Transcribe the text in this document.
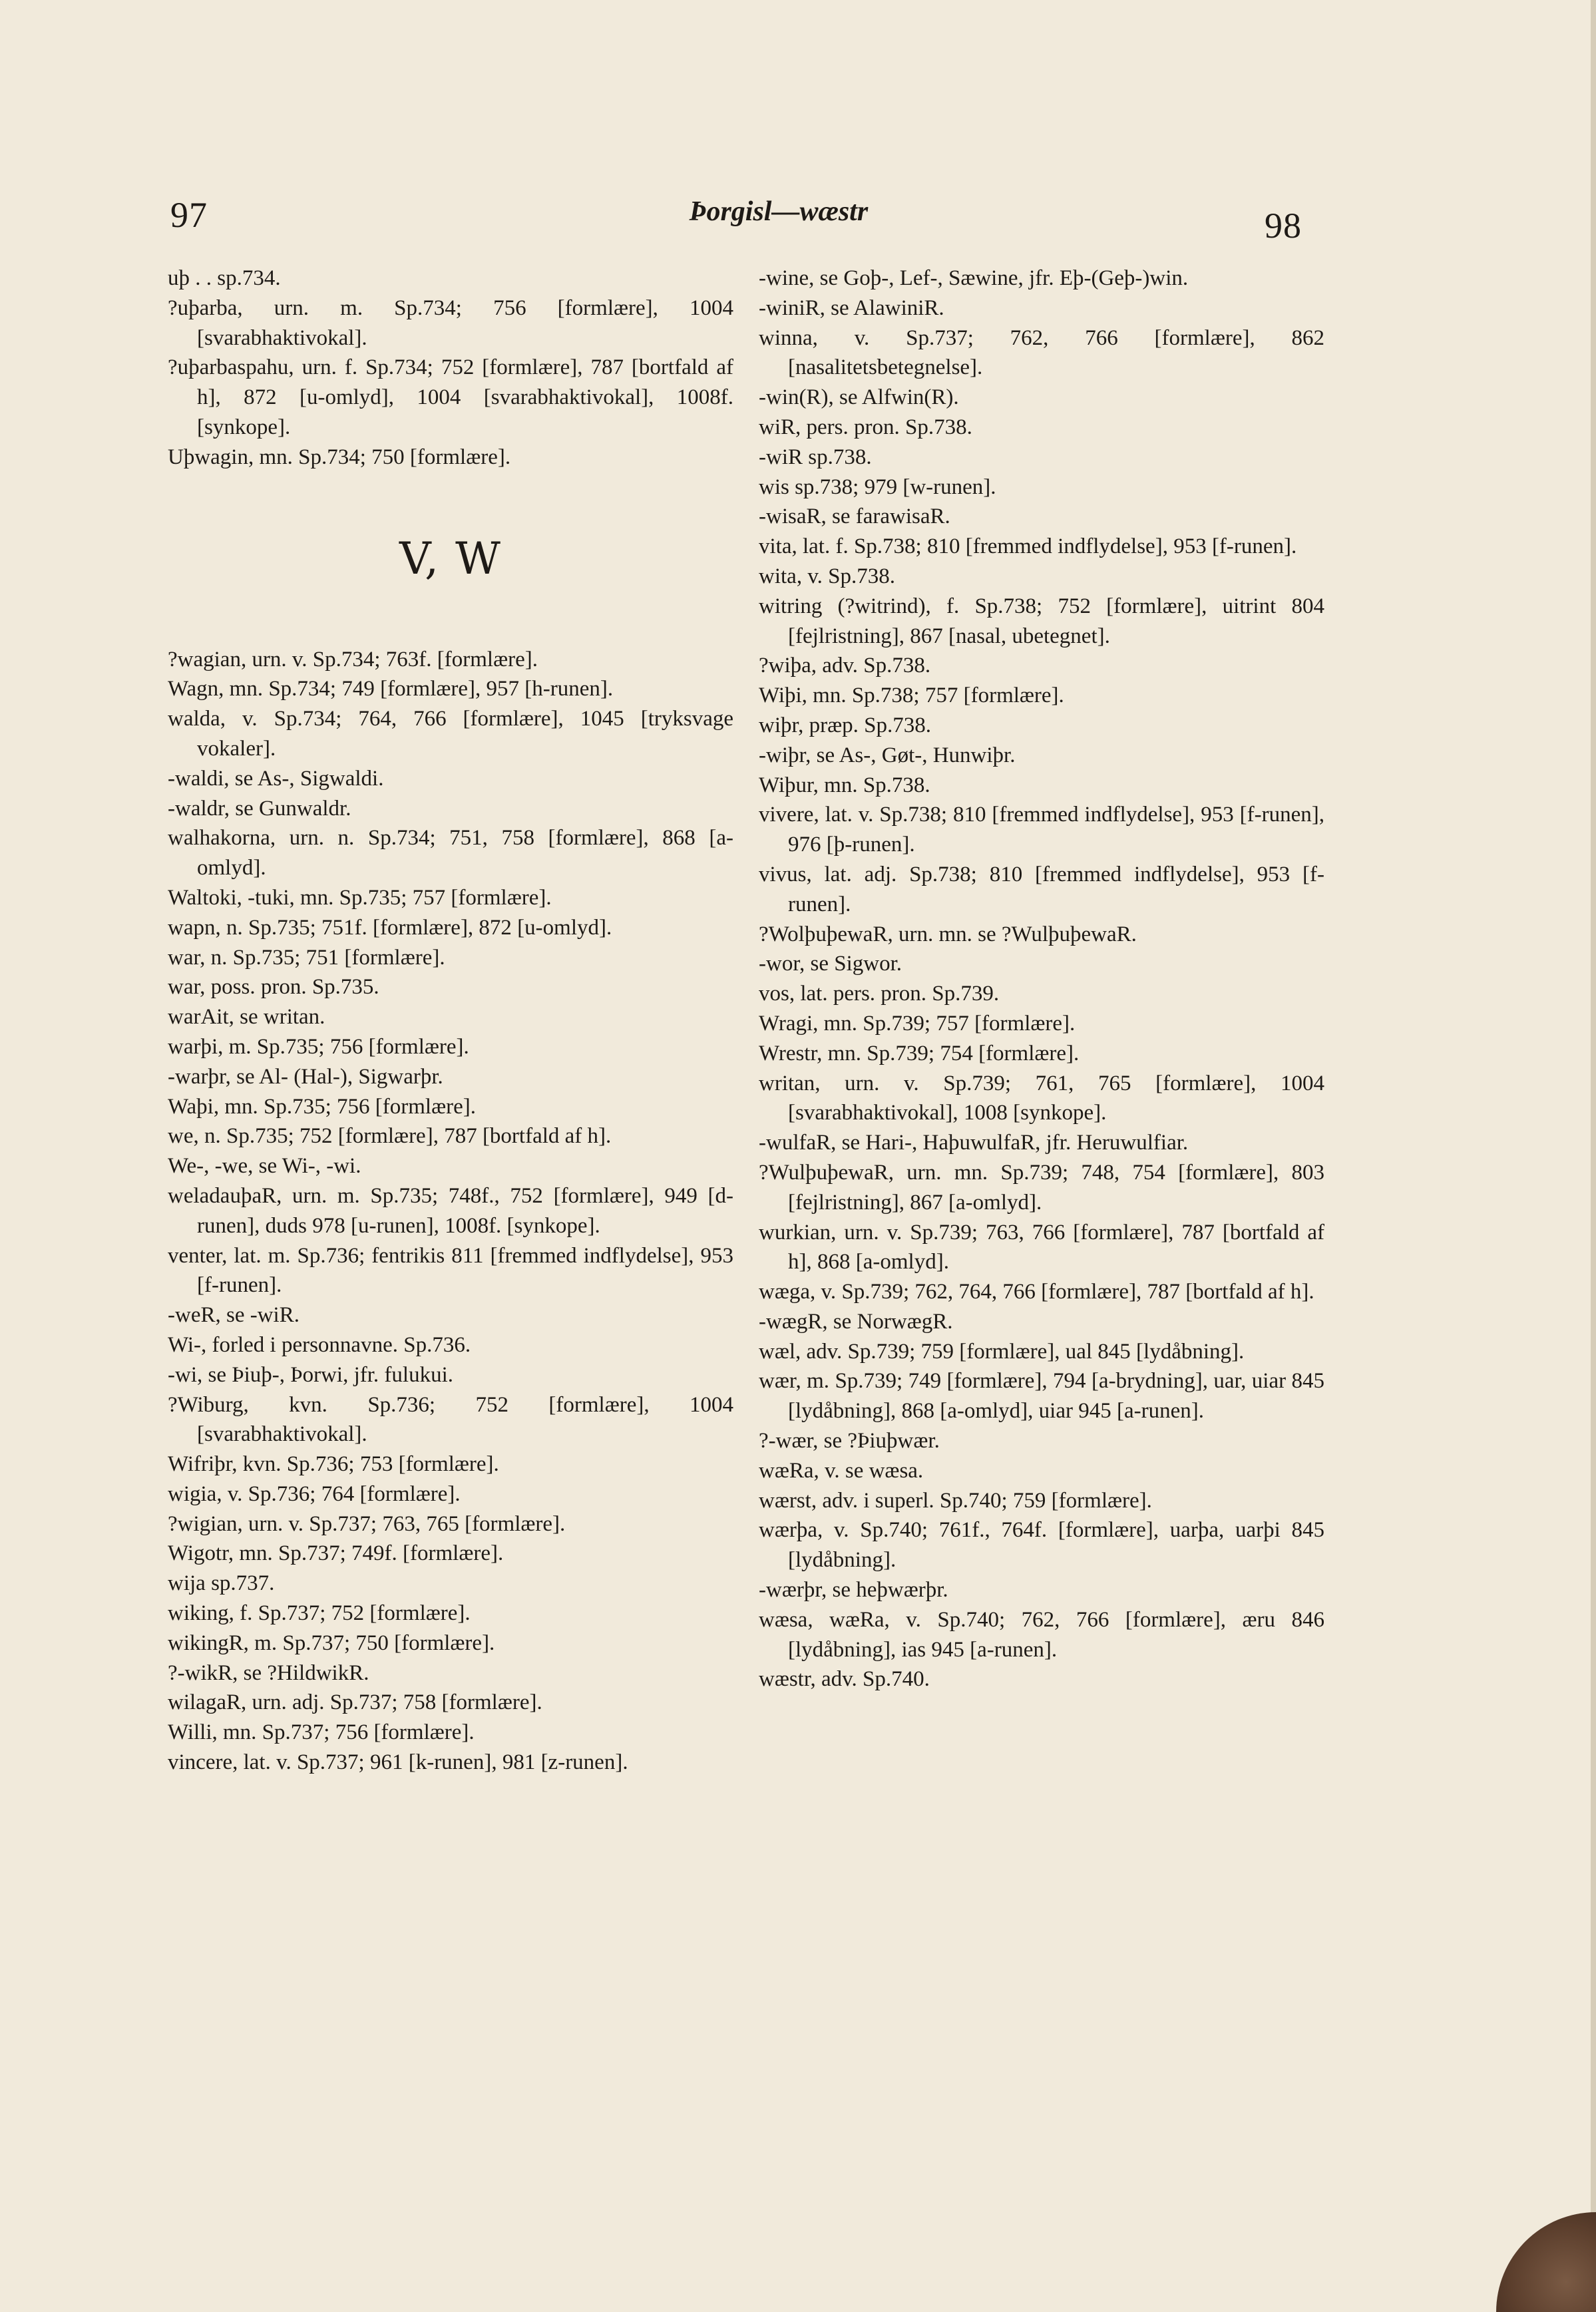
97	Þorgisl—wæstr	98
uþ . . sp.734.
?uþarba, urn. m. Sp.734; 756 [formlære], 1004 [svarabhaktivokal].
?uþarbaspahu, urn. f. Sp.734; 752 [formlære], 787 [bortfald af h], 872 [u-omlyd], 1004 [svarabhaktivokal], 1008f. [synkope].
Uþwagin, mn. Sp.734; 750 [formlære].
V, W
?wagian, urn. v. Sp.734; 763f. [formlære].
Wagn, mn. Sp.734; 749 [formlære], 957 [h-runen].
walda, v. Sp.734; 764, 766 [formlære], 1045 [tryksvage vokaler].
-waldi, se As-, Sigwaldi.
-waldr, se Gunwaldr.
walhakorna, urn. n. Sp.734; 751, 758 [formlære], 868 [a-omlyd].
Waltoki, -tuki, mn. Sp.735; 757 [formlære].
wapn, n. Sp.735; 751f. [formlære], 872 [u-omlyd].
war, n. Sp.735; 751 [formlære].
war, poss. pron. Sp.735.
warAit, se writan.
warþi, m. Sp.735; 756 [formlære].
-warþr, se Al- (Hal-), Sigwarþr.
Waþi, mn. Sp.735; 756 [formlære].
we, n. Sp.735; 752 [formlære], 787 [bortfald af h].
We-, -we, se Wi-, -wi.
weladauþaR, urn. m. Sp.735; 748f., 752 [formlære], 949 [d-runen], duds 978 [u-runen], 1008f. [synkope].
venter, lat. m. Sp.736; fentrikis 811 [fremmed indflydelse], 953 [f-runen].
-weR, se -wiR.
Wi-, forled i personnavne. Sp.736.
-wi, se Þiuþ-, Þorwi, jfr. fulukui.
?Wiburg, kvn. Sp.736; 752 [formlære], 1004 [svarabhaktivokal].
Wifriþr, kvn. Sp.736; 753 [formlære].
wigia, v. Sp.736; 764 [formlære].
?wigian, urn. v. Sp.737; 763, 765 [formlære].
Wigotr, mn. Sp.737; 749f. [formlære].
wija sp.737.
wiking, f. Sp.737; 752 [formlære].
wikingR, m. Sp.737; 750 [formlære].
?-wikR, se ?HildwikR.
wilagaR, urn. adj. Sp.737; 758 [formlære].
Willi, mn. Sp.737; 756 [formlære].
vincere, lat. v. Sp.737; 961 [k-runen], 981 [z-runen].
-wine, se Goþ-, Lef-, Sæwine, jfr. Eþ-(Geþ-)win.
-winiR, se AlawiniR.
winna, v. Sp.737; 762, 766 [formlære], 862 [nasalitetsbetegnelse].
-win(R), se Alfwin(R).
wiR, pers. pron. Sp.738.
-wiR sp.738.
wis sp.738; 979 [w-runen].
-wisaR, se farawisaR.
vita, lat. f. Sp.738; 810 [fremmed indflydelse], 953 [f-runen].
wita, v. Sp.738.
witring (?witrind), f. Sp.738; 752 [formlære], uitrint 804 [fejlristning], 867 [nasal, ubetegnet].
?wiþa, adv. Sp.738.
Wiþi, mn. Sp.738; 757 [formlære].
wiþr, præp. Sp.738.
-wiþr, se As-, Gøt-, Hunwiþr.
Wiþur, mn. Sp.738.
vivere, lat. v. Sp.738; 810 [fremmed indflydelse], 953 [f-runen], 976 [þ-runen].
vivus, lat. adj. Sp.738; 810 [fremmed indflydelse], 953 [f-runen].
?WolþuþewaR, urn. mn. se ?WulþuþewaR.
-wor, se Sigwor.
vos, lat. pers. pron. Sp.739.
Wragi, mn. Sp.739; 757 [formlære].
Wrestr, mn. Sp.739; 754 [formlære].
writan, urn. v. Sp.739; 761, 765 [formlære], 1004 [svarabhaktivokal], 1008 [synkope].
-wulfaR, se Hari-, HaþuwulfaR, jfr. Heruwulfiar.
?WulþuþewaR, urn. mn. Sp.739; 748, 754 [formlære], 803 [fejlristning], 867 [a-omlyd].
wurkian, urn. v. Sp.739; 763, 766 [formlære], 787 [bortfald af h], 868 [a-omlyd].
wæga, v. Sp.739; 762, 764, 766 [formlære], 787 [bortfald af h].
-wægR, se NorwægR.
wæl, adv. Sp.739; 759 [formlære], ual 845 [lydåbning].
wær, m. Sp.739; 749 [formlære], 794 [a-brydning], uar, uiar 845 [lydåbning], 868 [a-omlyd], uiar 945 [a-runen].
?-wær, se ?Þiuþwær.
wæRa, v. se wæsa.
wærst, adv. i superl. Sp.740; 759 [formlære].
wærþa, v. Sp.740; 761f., 764f. [formlære], uarþa, uarþi 845 [lydåbning].
-wærþr, se heþwærþr.
wæsa, wæRa, v. Sp.740; 762, 766 [formlære], æru 846 [lydåbning], ias 945 [a-runen].
wæstr, adv. Sp.740.
